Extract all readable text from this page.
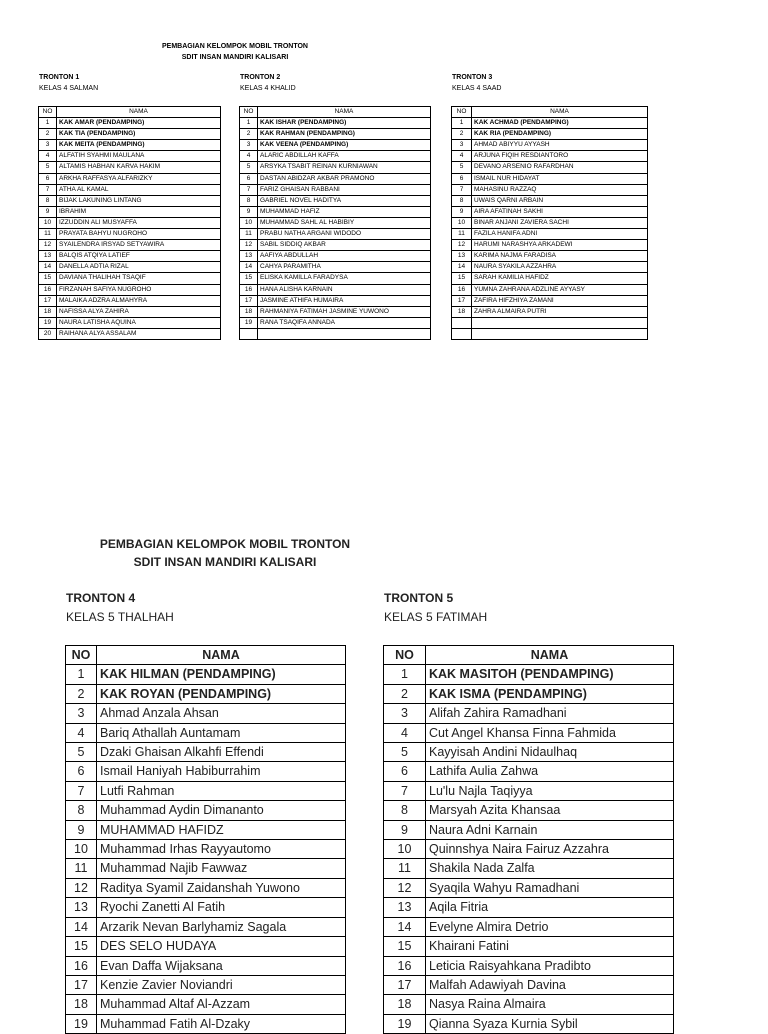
PEMBAGIAN KELOMPOK MOBIL TRONTON
SDIT INSAN MANDIRI KALISARI
TRONTON 1
KELAS 4 SALMAN
TRONTON 2
KELAS 4 KHALID
TRONTON 3
KELAS 4 SAAD
NO	NAMA
1	KAK AMAR (PENDAMPING)
2	KAK TIA (PENDAMPING)
3	KAK MEITA (PENDAMPING)
4	ALFATIH SYAHMI MAULANA
5	ALTAMIS HABHAN KARVA HAKIM
6	ARKHA RAFFASYA ALFARIZKY
7	ATHA AL KAMAL
8	BIJAK LAKUNING LINTANG
9	IBRAHIM
10	IZZUDDIN ALI MUSYAFFA
11	PRAYATA BAHYU NUGROHO
12	SYAILENDRA IRSYAD SETYAWIRA
13	BALQIS ATQIYA LATIEF
14	DANELLA ADTIA RIZAL
15	DAVIANA THALIHAH TSAQIF
16	FIRZANAH SAFIYA NUGROHO
17	MALAIKA ADZRA ALMAHYRA
18	NAFISSA ALYA ZAHIRA
19	NAURA LATISHA AQUINA
20	RAIHANA ALYA ASSALAM
NO	NAMA
1	KAK ISHAR (PENDAMPING)
2	KAK RAHMAN (PENDAMPING)
3	KAK VEENA (PENDAMPING)
4	ALARIC ABDILLAH KAFFA
5	ARSYKA TSABIT REINAN KURNIAWAN
6	DASTAN ABIDZAR AKBAR PRAMONO
7	FARIZ GHAISAN RABBANI
8	GABRIEL NOVEL HADITYA
9	MUHAMMAD HAFIZ
10	MUHAMMAD SAHL AL HABIBIY
11	PRABU NATHA ARGANI WIDODO
12	SABIL SIDDIQ AKBAR
13	AAFIYA ABDULLAH
14	CAHYA PARAMITHA
15	ELISKA KAMILLA FARADYSA
16	HANA ALISHA KARNAIN
17	JASMINE ATHIFA HUMAIRA
18	RAHMANIYA FATIMAH JASMINE YUWONO
19	RANA TSAQIFA ANNADA

NO	NAMA
1	KAK ACHMAD (PENDAMPING)
2	KAK RIA (PENDAMPING)
3	AHMAD ABIYYU AYYASH
4	ARJUNA FIQIH RESDIANTORO
5	DEVANO ARSENIO RAFARDHAN
6	ISMAIL NUR HIDAYAT
7	MAHASINU RAZZAQ
8	UWAIS QARNI ARBAIN
9	AIRA AFATINAH SAKHI
10	BINAR ANJANI ZAVIERA SACHI
11	FAZILA HANIFA ADNI
12	HARUMI NARASHYA ARKADEWI
13	KARIMA NAJMA FARADISA
14	NAURA SYAKILA AZZAHRA
15	SARAH KAMILIA HAFIDZ
16	YUMNA ZAHRANA ADZLINE AYYASY
17	ZAFIRA HIFZHIYA ZAMANI
18	ZAHRA ALMAIRA PUTRI

PEMBAGIAN KELOMPOK MOBIL TRONTON
SDIT INSAN MANDIRI KALISARI
TRONTON 4
KELAS 5 THALHAH
TRONTON 5
KELAS 5 FATIMAH
NO	NAMA
1	KAK HILMAN (PENDAMPING)
2	KAK ROYAN (PENDAMPING)
3	Ahmad Anzala Ahsan
4	Bariq Athallah Auntamam
5	Dzaki Ghaisan Alkahfi Effendi
6	Ismail Haniyah Habiburrahim
7	Lutfi Rahman
8	Muhammad Aydin Dimananto
9	MUHAMMAD HAFIDZ
10	Muhammad Irhas Rayyautomo
11	Muhammad Najib Fawwaz
12	Raditya Syamil Zaidanshah Yuwono
13	Ryochi Zanetti Al Fatih
14	Arzarik Nevan Barlyhamiz Sagala
15	DES SELO HUDAYA
16	Evan Daffa Wijaksana
17	Kenzie Zavier Noviandri
18	Muhammad Altaf Al-Azzam
19	Muhammad Fatih Al-Dzaky
NO	NAMA
1	KAK MASITOH (PENDAMPING)
2	KAK ISMA (PENDAMPING)
3	Alifah Zahira Ramadhani
4	Cut Angel Khansa Finna Fahmida
5	Kayyisah Andini Nidaulhaq
6	Lathifa Aulia Zahwa
7	Lu'lu Najla Taqiyya
8	Marsyah Azita Khansaa
9	Naura Adni Karnain
10	Quinnshya Naira Fairuz Azzahra
11	Shakila Nada Zalfa
12	Syaqila Wahyu Ramadhani
13	Aqila Fitria
14	Evelyne Almira Detrio
15	Khairani Fatini
16	Leticia Raisyahkana Pradibto
17	Malfah Adawiyah Davina
18	Nasya Raina Almaira
19	Qianna Syaza Kurnia Sybil
